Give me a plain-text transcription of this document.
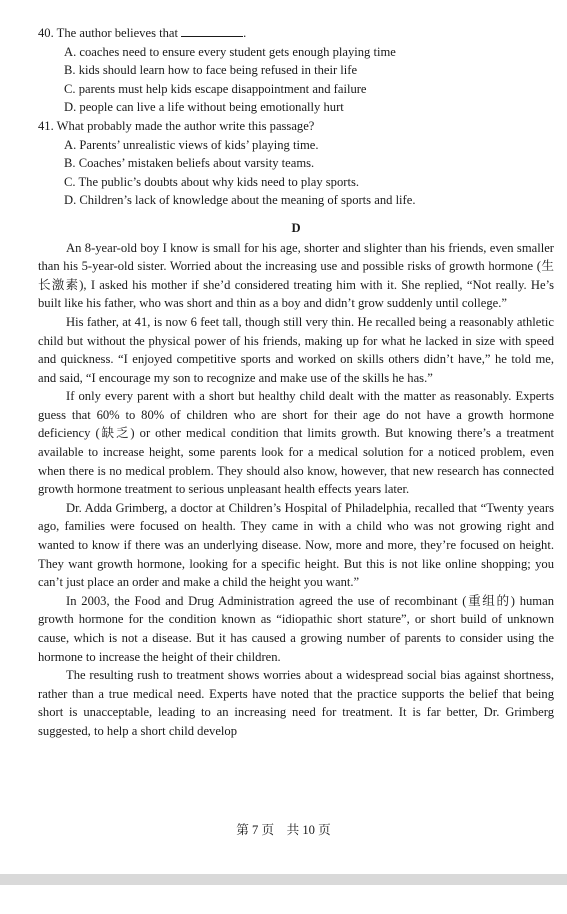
40. The author believes that	.
A. coaches need to ensure every student gets enough playing time
B. kids should learn how to face being refused in their life
C. parents must help kids escape disappointment and failure
D. people can live a life without being emotionally hurt
41. What probably made the author write this passage?
A. Parents’ unrealistic views of kids’ playing time.
B. Coaches’ mistaken beliefs about varsity teams.
C. The public’s doubts about why kids need to play sports.
D. Children’s lack of knowledge about the meaning of sports and life.
D

An 8-year-old boy I know is small for his age, shorter and slighter than his friends, even smaller than his 5-year-old sister. Worried about the increasing use and possible risks of growth hormone (生长激素), I asked his mother if she’d considered treating him with it. She replied, “Not really. He’s built like his father, who was short and thin as a boy and didn’t grow suddenly until college.”

His father, at 41, is now 6 feet tall, though still very thin. He recalled being a reasonably athletic child but without the physical power of his friends, making up for what he lacked in size with speed and quickness. “I enjoyed competitive sports and worked on skills others didn’t have,” he told me, and said, “I encourage my son to recognize and make use of the skills he has.”

If only every parent with a short but healthy child dealt with the matter as reasonably. Experts guess that 60% to 80% of children who are short for their age do not have a growth hormone deficiency (缺乏) or other medical condition that limits growth. But knowing there’s a treatment available to increase height, some parents look for a medical solution for a noticed problem, even when there is no medical problem. They should also know, however, that new research has connected growth hormone treatment to serious unpleasant health effects years later.

Dr. Adda Grimberg, a doctor at Children’s Hospital of Philadelphia, recalled that “Twenty years ago, families were focused on health. They came in with a child who was not growing right and wanted to know if there was an underlying disease. Now, more and more, they’re focused on height. They want growth hormone, looking for a specific height. But this is not like online shopping; you can’t just place an order and make a child the height you want.”

In 2003, the Food and Drug Administration agreed the use of recombinant (重组的) human growth hormone for the condition known as “idiopathic short stature”, or short build of unknown cause, which is not a disease. But it has caused a growing number of parents to consider using the hormone to increase the height of their children.

The resulting rush to treatment shows worries about a widespread social bias against shortness, rather than a true medical need. Experts have noted that the practice supports the belief that being short is unacceptable, leading to an increasing need for treatment. It is far better, Dr. Grimberg suggested, to help a short child develop

第 7 页　共 10 页
